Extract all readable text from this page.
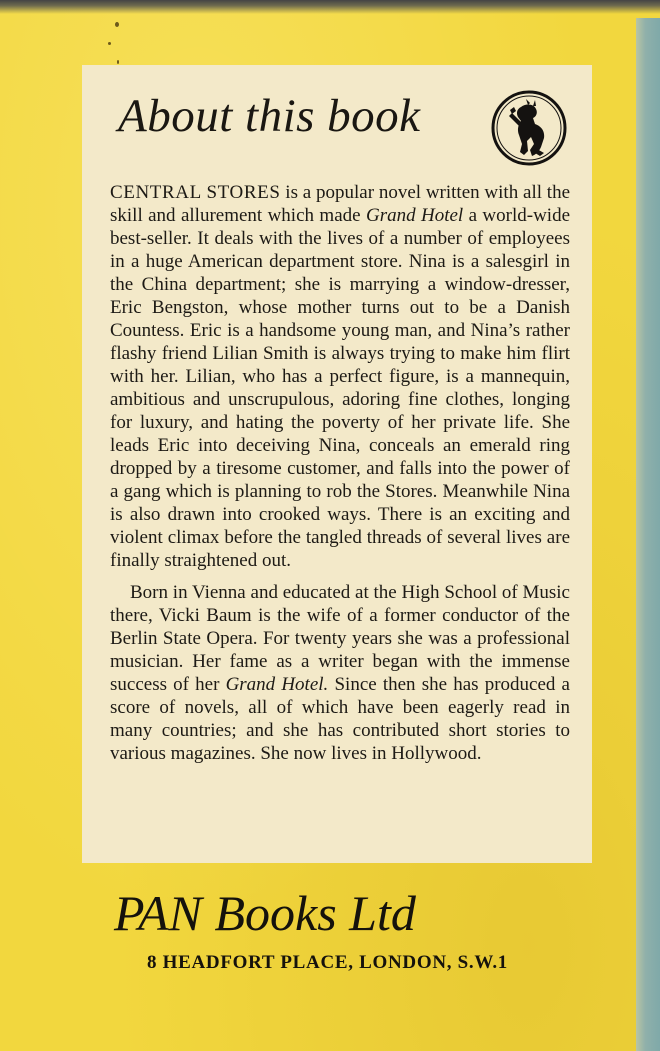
About this book

CENTRAL STORES is a popular novel written with all the skill and allurement which made Grand Hotel a world-wide best-seller. It deals with the lives of a number of employees in a huge American department store. Nina is a salesgirl in the China department; she is marrying a window-dresser, Eric Bengston, whose mother turns out to be a Danish Countess. Eric is a handsome young man, and Nina’s rather flashy friend Lilian Smith is always trying to make him flirt with her. Lilian, who has a perfect figure, is a mannequin, ambitious and unscrupulous, adoring fine clothes, longing for luxury, and hating the poverty of her private life. She leads Eric into deceiving Nina, conceals an emerald ring dropped by a tiresome customer, and falls into the power of a gang which is planning to rob the Stores. Meanwhile Nina is also drawn into crooked ways. There is an exciting and violent climax before the tangled threads of several lives are finally straightened out.

Born in Vienna and educated at the High School of Music there, Vicki Baum is the wife of a former conductor of the Berlin State Opera. For twenty years she was a professional musician. Her fame as a writer began with the immense success of her Grand Hotel. Since then she has produced a score of novels, all of which have been eagerly read in many countries; and she has contributed short stories to various magazines. She now lives in Hollywood.

PAN Books Ltd
8 HEADFORT PLACE, LONDON, S.W.1
